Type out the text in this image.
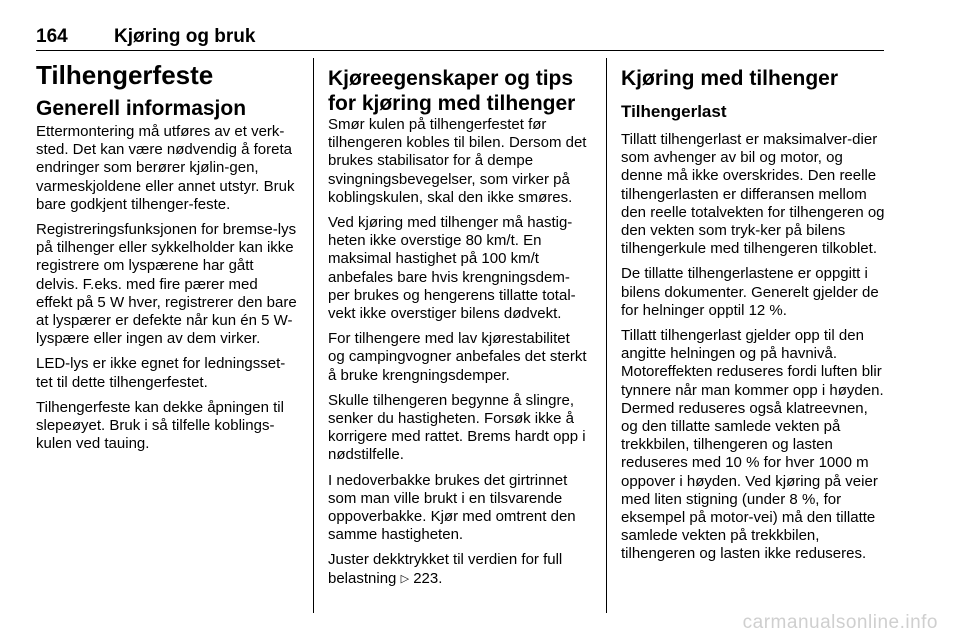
164 Kjøring og bruk
Tilhengerfeste
Generell informasjon

Ettermontering må utføres av et verk-sted. Det kan være nødvendig å foreta endringer som berører kjølin-gen, varmeskjoldene eller annet utstyr. Bruk bare godkjent tilhenger-feste.

Registreringsfunksjonen for bremse-lys på tilhenger eller sykkelholder kan ikke registrere om lyspærene har gått delvis. F.eks. med fire pærer med effekt på 5 W hver, registrerer den bare at lyspærer er defekte når kun én 5 W-lyspære eller ingen av dem virker.

LED-lys er ikke egnet for ledningsset-tet til dette tilhengerfestet.

Tilhengerfeste kan dekke åpningen til slepeøyet. Bruk i så tilfelle koblings-kulen ved tauing.

Kjøreegenskaper og tips for kjøring med tilhenger

Smør kulen på tilhengerfestet før tilhengeren kobles til bilen. Dersom det brukes stabilisator for å dempe svingningsbevegelser, som virker på koblingskulen, skal den ikke smøres.

Ved kjøring med tilhenger må hastig-heten ikke overstige 80 km/t. En maksimal hastighet på 100 km/t anbefales bare hvis krengningsdem-per brukes og hengerens tillatte total-vekt ikke overstiger bilens dødvekt.

For tilhengere med lav kjørestabilitet og campingvogner anbefales det sterkt å bruke krengningsdemper.

Skulle tilhengeren begynne å slingre, senker du hastigheten. Forsøk ikke å korrigere med rattet. Brems hardt opp i nødstilfelle.

I nedoverbakke brukes det girtrinnet som man ville brukt i en tilsvarende oppoverbakke. Kjør med omtrent den samme hastigheten.

Juster dekktrykket til verdien for full belastning ▷ 223.

Kjøring med tilhenger
Tilhengerlast

Tillatt tilhengerlast er maksimalver-dier som avhenger av bil og motor, og denne må ikke overskrides. Den reelle tilhengerlasten er differansen mellom den reelle totalvekten for tilhengeren og den vekten som tryk-ker på bilens tilhengerkule med tilhengeren tilkoblet.

De tillatte tilhengerlastene er oppgitt i bilens dokumenter. Generelt gjelder de for helninger opptil 12 %.

Tillatt tilhengerlast gjelder opp til den angitte helningen og på havnivå. Motoreffekten reduseres fordi luften blir tynnere når man kommer opp i høyden. Dermed reduseres også klatreevnen, og den tillatte samlede vekten på trekkbilen, tilhengeren og lasten reduseres med 10 % for hver 1000 m oppover i høyden. Ved kjøring på veier med liten stigning (under 8 %, for eksempel på motor-vei) må den tillatte samlede vekten på trekkbilen, tilhengeren og lasten ikke reduseres.

carmanualsonline.info
